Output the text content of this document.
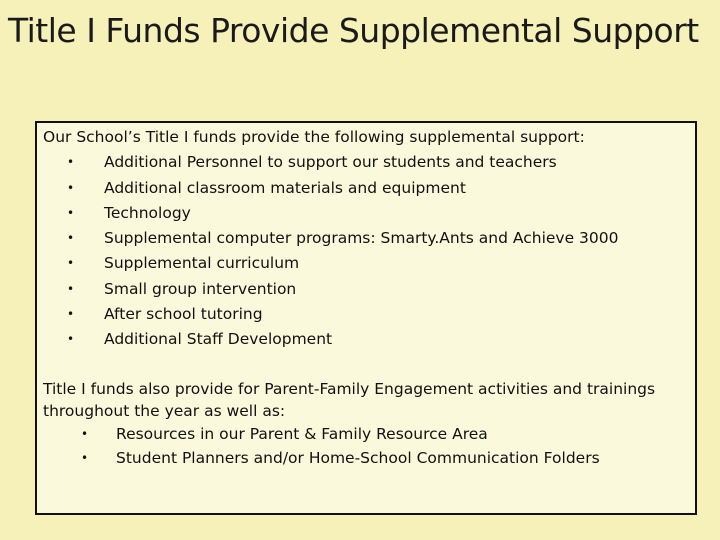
Title I Funds Provide Supplemental Support

Our School’s Title I funds provide the following supplemental support:

• Additional Personnel to support our students and teachers
• Additional classroom materials and equipment
• Technology
• Supplemental computer programs: Smarty.Ants and Achieve 3000
• Supplemental curriculum
• Small group intervention
• After school tutoring
• Additional Staff Development

Title I funds also provide for Parent-Family Engagement activities and trainings throughout the year as well as:

• Resources in our Parent & Family Resource Area
• Student Planners and/or Home-School Communication Folders
